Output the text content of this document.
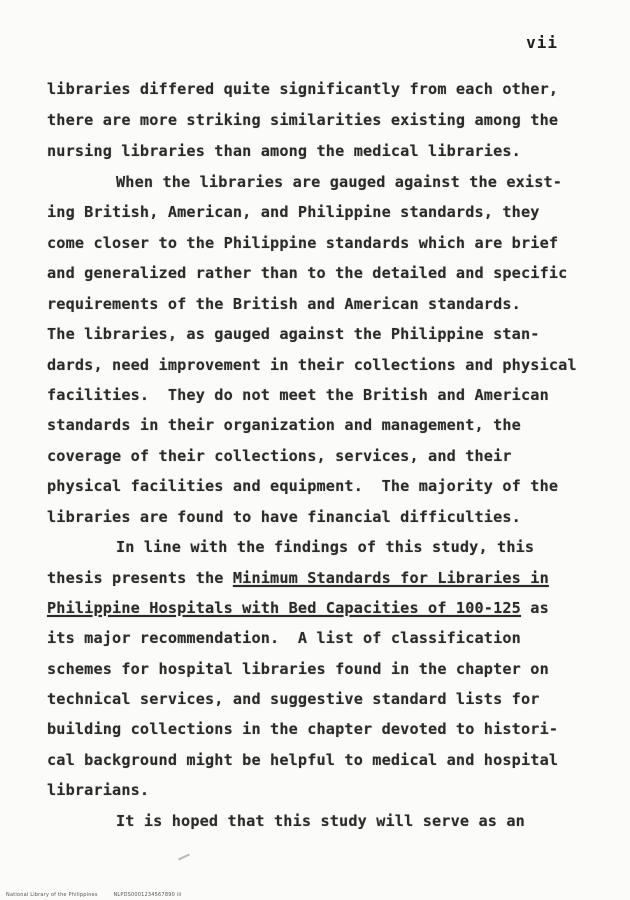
vii
libraries differed quite significantly from each other,
there are more striking similarities existing among the
nursing libraries than among the medical libraries.
When the libraries are gauged against the exist-
ing British, American, and Philippine standards, they
come closer to the Philippine standards which are brief
and generalized rather than to the detailed and specific
requirements of the British and American standards.
The libraries, as gauged against the Philippine stan-
dards, need improvement in their collections and physical
facilities.  They do not meet the British and American
standards in their organization and management, the
coverage of their collections, services, and their
physical facilities and equipment.  The majority of the
libraries are found to have financial difficulties.
In line with the findings of this study, this
thesis presents the Minimum Standards for Libraries in
Philippine Hospitals with Bed Capacities of 100-125 as
its major recommendation.  A list of classification
schemes for hospital libraries found in the chapter on
technical services, and suggestive standard lists for
building collections in the chapter devoted to histori-
cal background might be helpful to medical and hospital
librarians.
It is hoped that this study will serve as an
National Library of the Philippines	NLPDS0001234567890 iii
